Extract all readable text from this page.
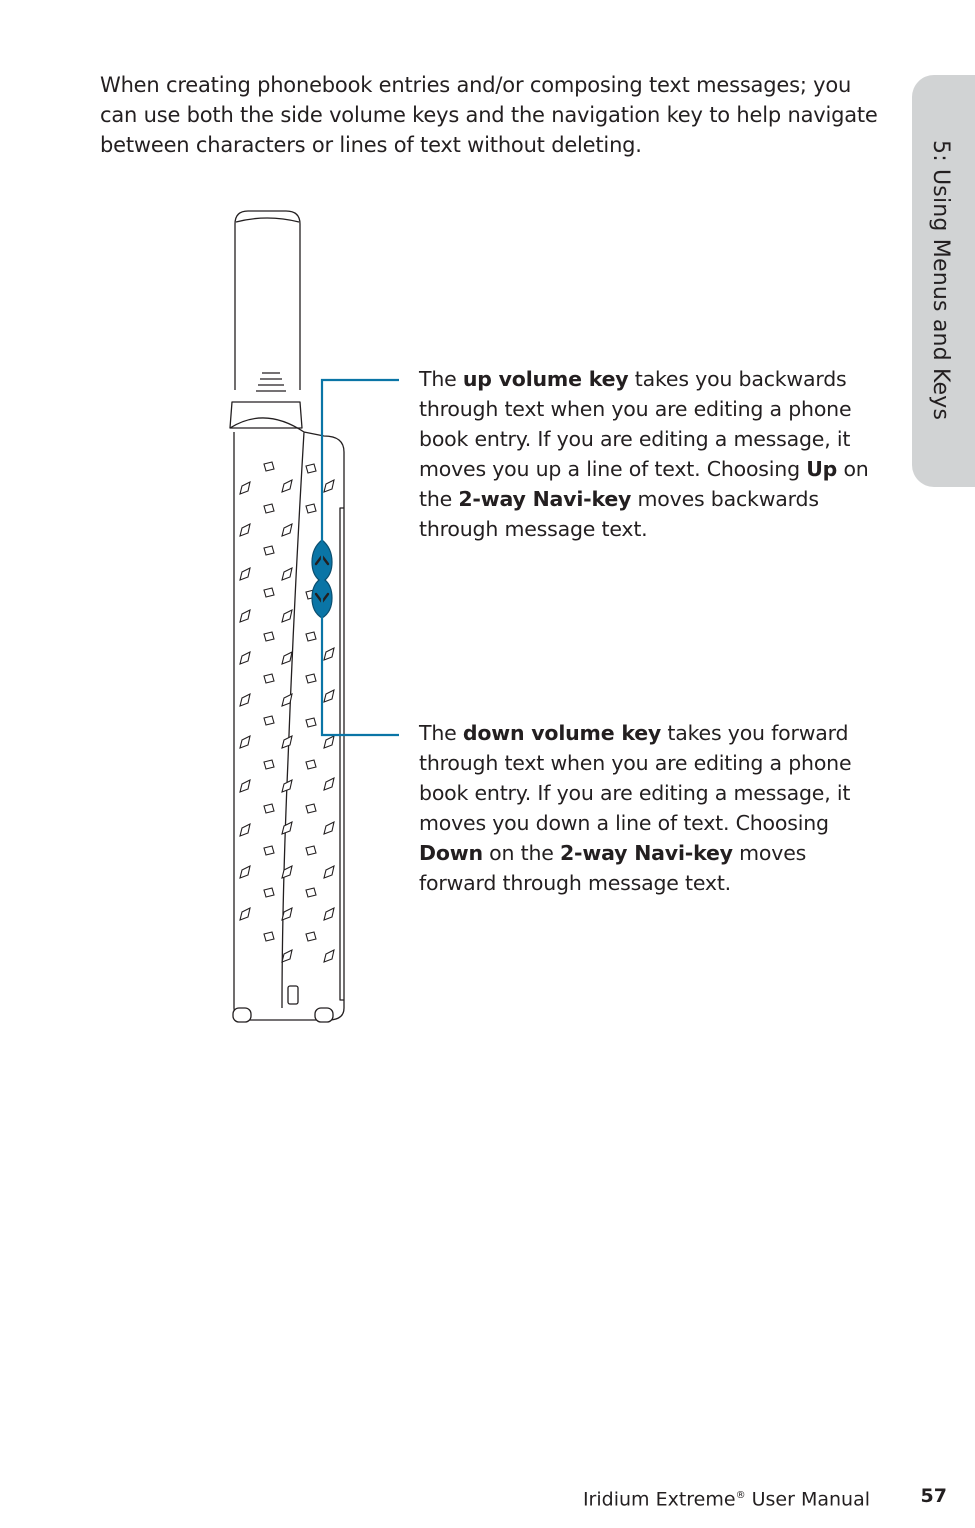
When creating phonebook entries and/or composing text messages; you can use both the side volume keys and the navigation key to help navigate between characters or lines of text without deleting.	5: Using Menus and Keys

The up volume key takes you backwards through text when you are editing a phone book entry. If you are editing a message, it moves you up a line of text. Choosing Up on the 2-way Navi-key moves backwards through message text.

The down volume key takes you forward through text when you are editing a phone book entry. If you are editing a message, it moves you down a line of text. Choosing Down on the 2-way Navi-key moves forward through message text.

Iridium Extreme® User Manual	57
